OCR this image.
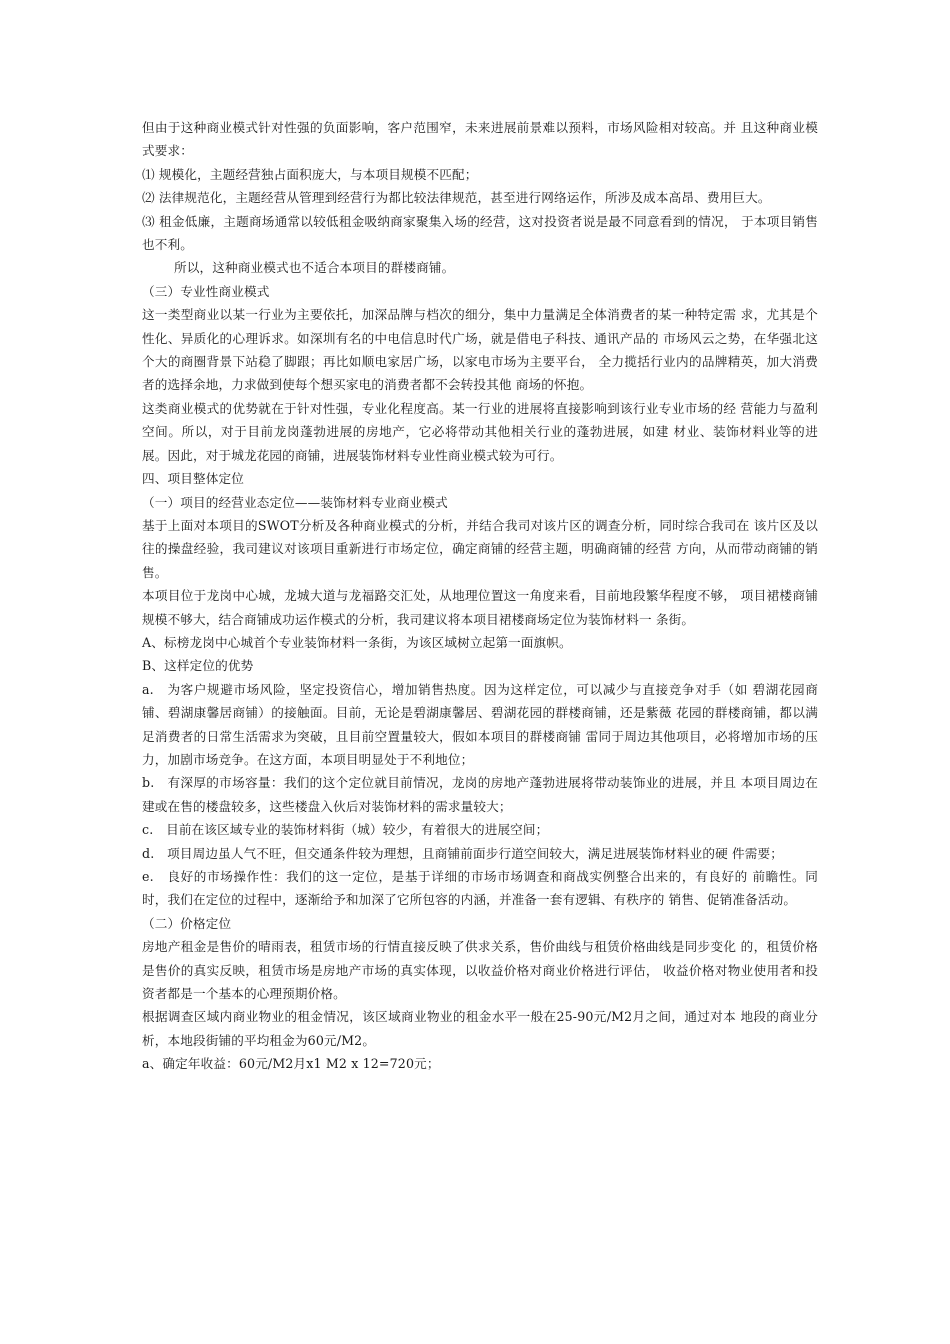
但由于这种商业模式针对性强的负面影响，客户范围窄，未来进展前景难以预料，市场风险相对较高。并 且这种商业模式要求：

⑴ 规模化，主题经营独占面积庞大，与本项目规模不匹配；

⑵ 法律规范化，主题经营从管理到经营行为都比较法律规范，甚至进行网络运作，所涉及成本高昂、费用巨大。

⑶ 租金低廉，主题商场通常以较低租金吸纳商家聚集入场的经营，这对投资者说是最不同意看到的情况， 于本项目销售也不利。

所以，这种商业模式也不适合本项目的群楼商铺。

（三）专业性商业模式

这一类型商业以某一行业为主要依托，加深品牌与档次的细分，集中力量满足全体消费者的某一种特定需 求，尤其是个性化、异质化的心理诉求。如深圳有名的中电信息时代广场，就是借电子科技、通讯产品的 市场风云之势，在华强北这个大的商圈背景下站稳了脚跟；再比如顺电家居广场，以家电市场为主要平台， 全力揽括行业内的品牌精英，加大消费者的选择余地，力求做到使每个想买家电的消费者都不会转投其他 商场的怀抱。

这类商业模式的优势就在于针对性强，专业化程度高。某一行业的进展将直接影响到该行业专业市场的经 营能力与盈利空间。所以，对于目前龙岗蓬勃进展的房地产，它必将带动其他相关行业的蓬勃进展，如建 材业、装饰材料业等的进展。因此，对于城龙花园的商铺，进展装饰材料专业性商业模式较为可行。

四、项目整体定位

（一）项目的经营业态定位——装饰材料专业商业模式

基于上面对本项目的SWOT分析及各种商业模式的分析，并结合我司对该片区的调查分析，同时综合我司在 该片区及以往的操盘经验，我司建议对该项目重新进行市场定位，确定商铺的经营主题，明确商铺的经营 方向，从而带动商铺的销售。

本项目位于龙岗中心城，龙城大道与龙福路交汇处，从地理位置这一角度来看，目前地段繁华程度不够， 项目裙楼商铺规模不够大，结合商铺成功运作模式的分析，我司建议将本项目裙楼商场定位为装饰材料一 条街。

A、标榜龙岗中心城首个专业装饰材料一条街，为该区域树立起第一面旗帜。

B、这样定位的优势

a.　为客户规避市场风险，坚定投资信心，增加销售热度。因为这样定位，可以减少与直接竞争对手（如 碧湖花园商铺、碧湖康馨居商铺）的接触面。目前，无论是碧湖康馨居、碧湖花园的群楼商铺，还是紫薇 花园的群楼商铺，都以满足消费者的日常生活需求为突破，且目前空置量较大，假如本项目的群楼商铺 雷同于周边其他项目，必将增加市场的压力，加剧市场竞争。在这方面，本项目明显处于不利地位；

b.　有深厚的市场容量：我们的这个定位就目前情况，龙岗的房地产蓬勃进展将带动装饰业的进展，并且 本项目周边在建或在售的楼盘较多，这些楼盘入伙后对装饰材料的需求量较大；

c.　目前在该区域专业的装饰材料街（城）较少，有着很大的进展空间；

d.　项目周边虽人气不旺，但交通条件较为理想，且商铺前面步行道空间较大，满足进展装饰材料业的硬 件需要；

e.　良好的市场操作性：我们的这一定位，是基于详细的市场市场调查和商战实例整合出来的，有良好的 前瞻性。同时，我们在定位的过程中，逐渐给予和加深了它所包容的内涵，并准备一套有逻辑、有秩序的 销售、促销准备活动。

（二）价格定位

房地产租金是售价的晴雨表，租赁市场的行情直接反映了供求关系，售价曲线与租赁价格曲线是同步变化 的，租赁价格是售价的真实反映，租赁市场是房地产市场的真实体现，以收益价格对商业价格进行评估， 收益价格对物业使用者和投资者都是一个基本的心理预期价格。

根据调查区域内商业物业的租金情况，该区域商业物业的租金水平一般在25-90元/M2月之间，通过对本 地段的商业分析，本地段街铺的平均租金为60元/M2。

a、确定年收益：60元/M2月x1 M2 x 12=720元；
